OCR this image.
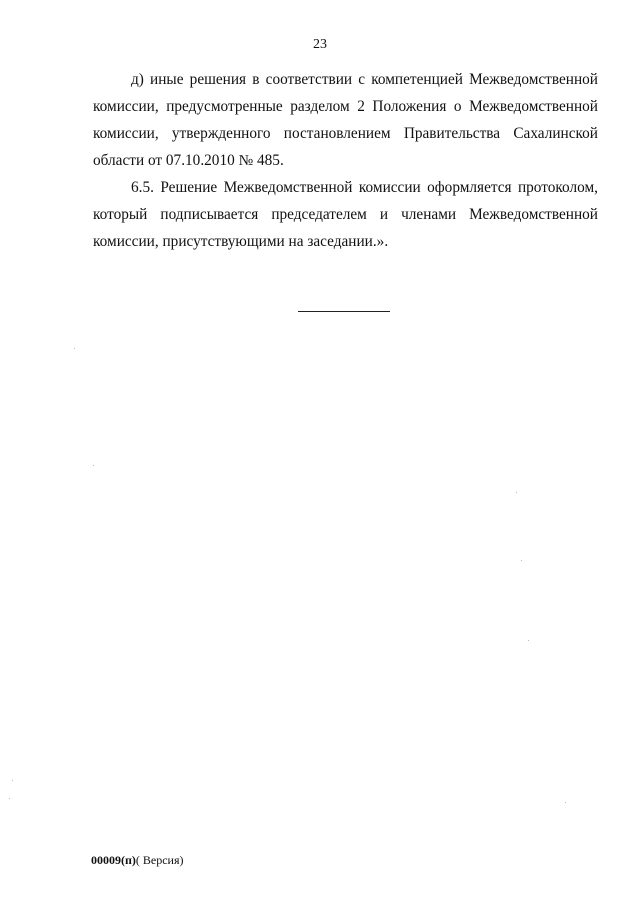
23

д) иные решения в соответствии с компетенцией Межведомственной комиссии, предусмотренные разделом 2 Положения о Межведомственной комиссии, утвержденного постановлением Правительства Сахалинской области от 07.10.2010 № 485.

6.5. Решение Межведомственной комиссии оформляется протоколом, который подписывается председателем и членами Межведомственной комиссии, присутствующими на заседании.».

00009(п)( Версия)
